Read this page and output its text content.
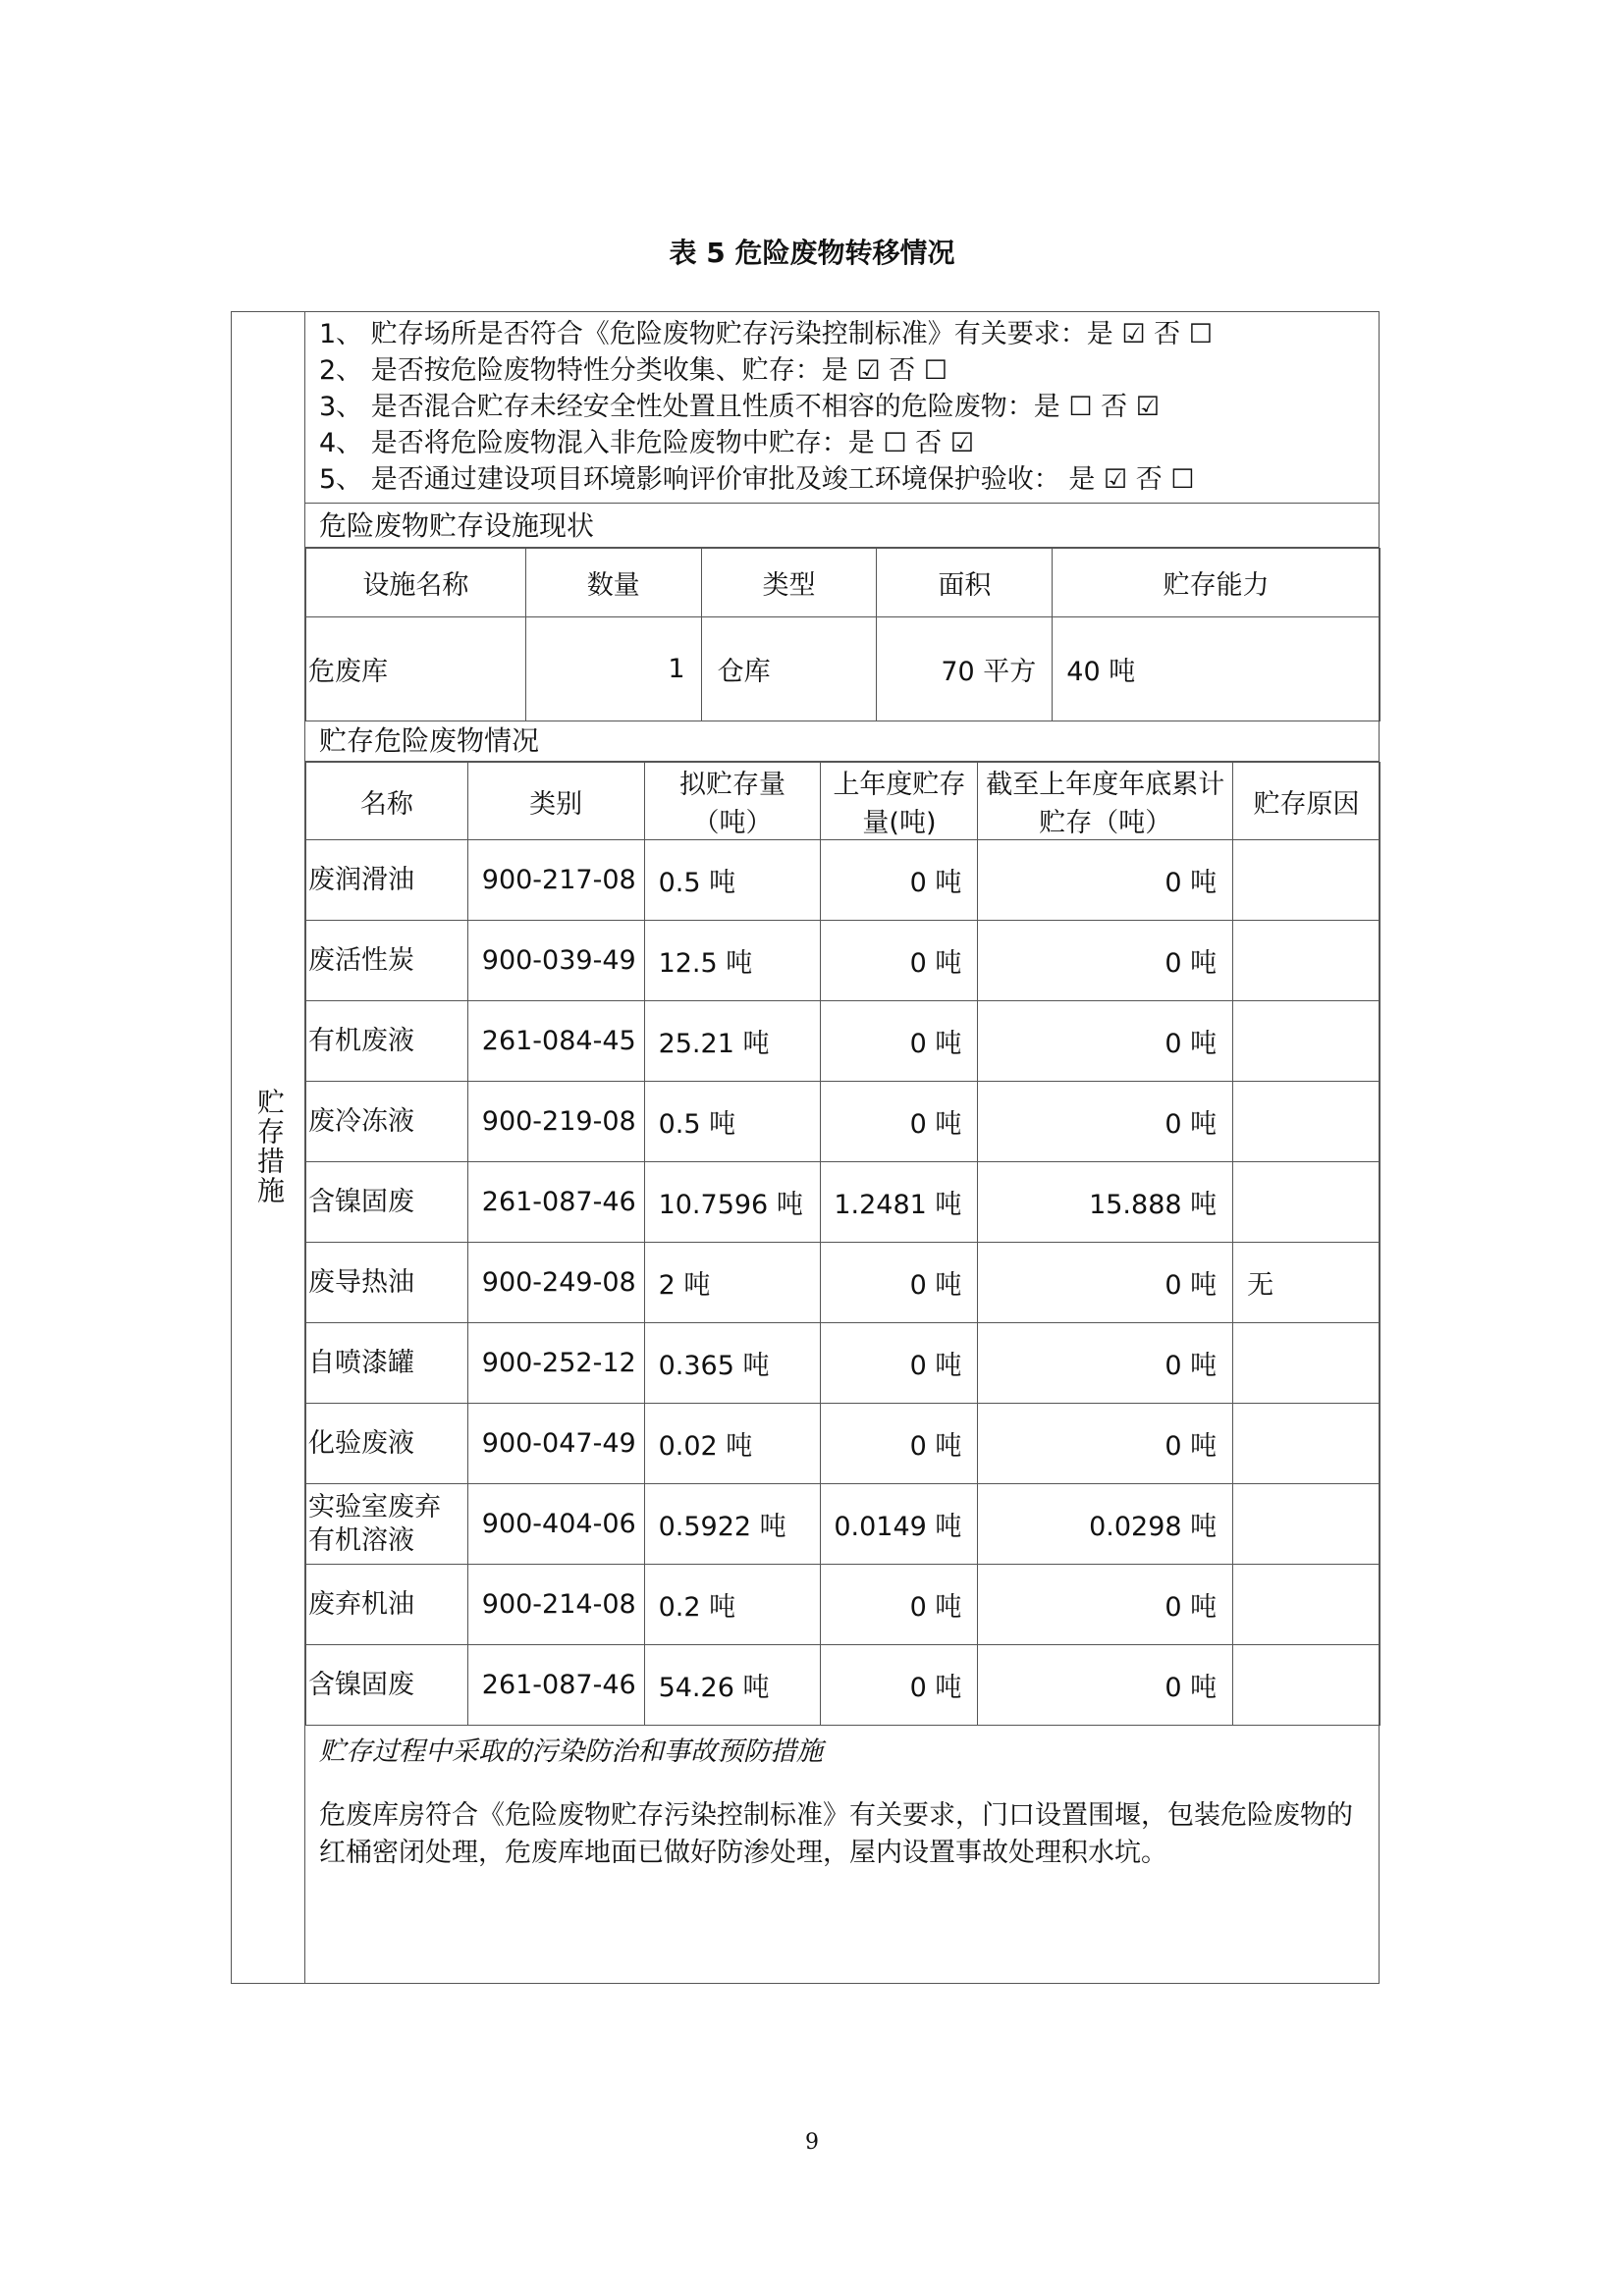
表 5 危险废物转移情况
贮存措施
1、 贮存场所是否符合《危险废物贮存污染控制标准》有关要求：是 ☑ 否 ☐
2、 是否按危险废物特性分类收集、贮存：是 ☑ 否 ☐
3、 是否混合贮存未经安全性处置且性质不相容的危险废物：是 ☐ 否 ☑
4、 是否将危险废物混入非危险废物中贮存：是 ☐ 否 ☑
5、 是否通过建设项目环境影响评价审批及竣工环境保护验收： 是 ☑ 否 ☐
危险废物贮存设施现状
设施名称	数量	类型	面积	贮存能力
危废库	1	仓库	70 平方	40 吨
贮存危险废物情况
名称	类别	拟贮存量（吨）	上年度贮存量(吨)	截至上年度年底累计贮存（吨）	贮存原因
废润滑油	900-217-08	0.5 吨	0 吨	0 吨	
废活性炭	900-039-49	12.5 吨	0 吨	0 吨	
有机废液	261-084-45	25.21 吨	0 吨	0 吨	
废冷冻液	900-219-08	0.5 吨	0 吨	0 吨	
含镍固废	261-087-46	10.7596 吨	1.2481 吨	15.888 吨	
废导热油	900-249-08	2 吨	0 吨	0 吨	无
自喷漆罐	900-252-12	0.365 吨	0 吨	0 吨	
化验废液	900-047-49	0.02 吨	0 吨	0 吨	
实验室废弃有机溶液	900-404-06	0.5922 吨	0.0149 吨	0.0298 吨	
废弃机油	900-214-08	0.2 吨	0 吨	0 吨	
含镍固废	261-087-46	54.26 吨	0 吨	0 吨	
贮存过程中采取的污染防治和事故预防措施
危废库房符合《危险废物贮存污染控制标准》有关要求，门口设置围堰，包装危险废物的红桶密闭处理，危废库地面已做好防渗处理，屋内设置事故处理积水坑。
9
